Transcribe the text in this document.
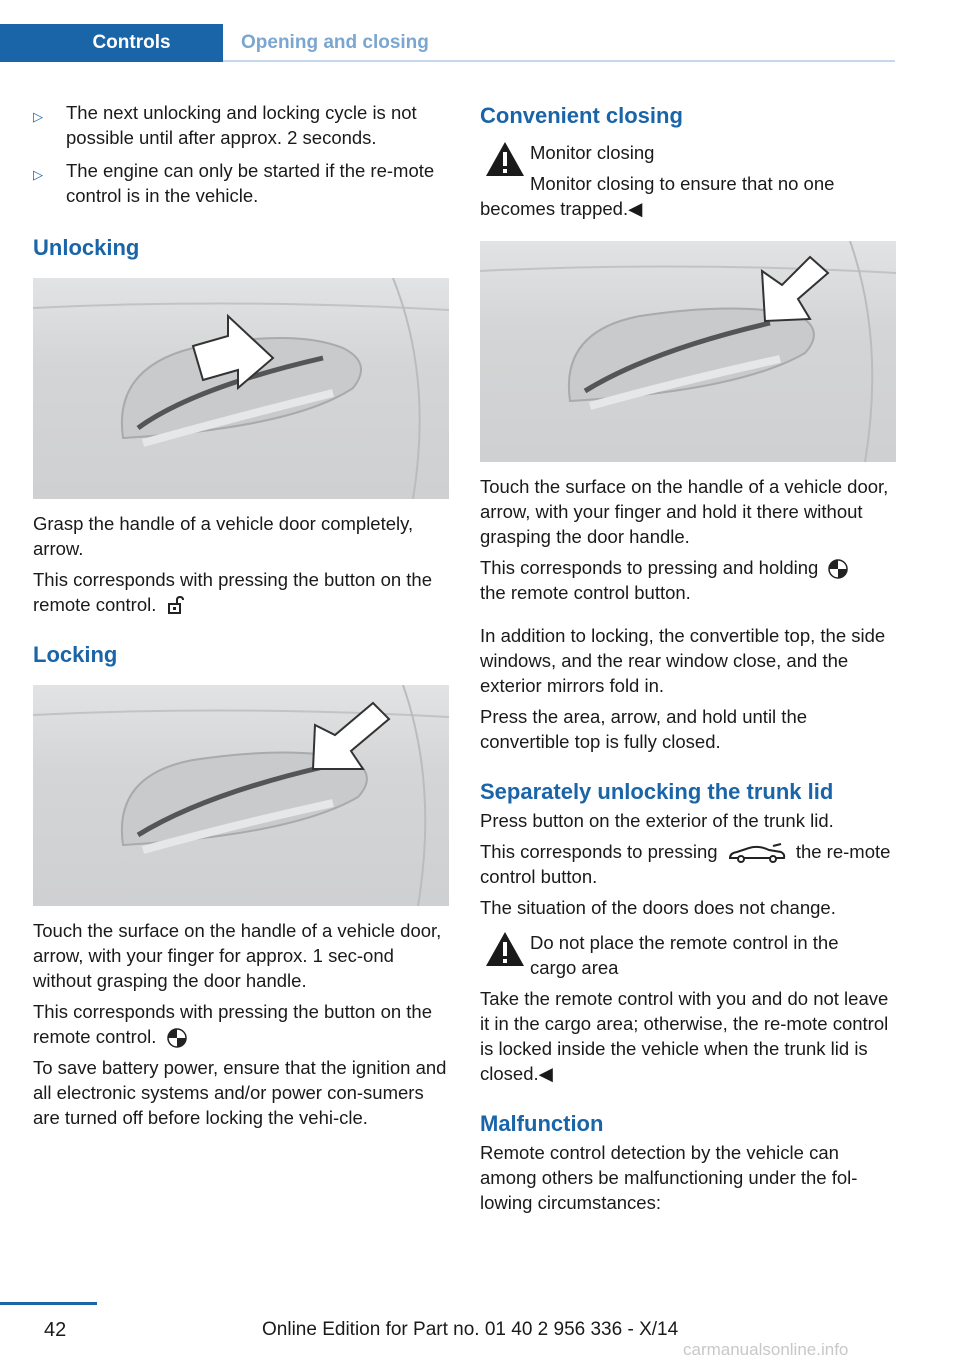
Controls	Opening and closing
▷	The next unlocking and locking cycle is not possible until after approx. 2 seconds.
▷	The engine can only be started if the re‐mote control is in the vehicle.
Unlocking

Grasp the handle of a vehicle door completely, arrow.

This corresponds with pressing the button on the remote control.

Locking

Touch the surface on the handle of a vehicle door, arrow, with your finger for approx. 1 sec‐ond without grasping the door handle.

This corresponds with pressing the button on the remote control.

To save battery power, ensure that the ignition and all electronic systems and/or power con‐sumers are turned off before locking the vehi‐cle.

Convenient closing

Monitor closing

Monitor closing to ensure that no one

becomes trapped.◀

Touch the surface on the handle of a vehicle door, arrow, with your finger and hold it there without grasping the door handle.

This corresponds to pressing and holding
the remote control button.

In addition to locking, the convertible top, the side windows, and the rear window close, and the exterior mirrors fold in.

Press the area, arrow, and hold until the convertible top is fully closed.

Separately unlocking the trunk lid

Press button on the exterior of the trunk lid.

This corresponds to pressing	the re‐mote control button.

The situation of the doors does not change.

Do not place the remote control in the

cargo area

Take the remote control with you and do not leave it in the cargo area; otherwise, the re‐mote control is locked inside the vehicle when the trunk lid is closed.◀

Malfunction

Remote control detection by the vehicle can among others be malfunctioning under the fol‐lowing circumstances:

42	Online Edition for Part no. 01 40 2 956 336 - X/14
carmanualsonline.info
